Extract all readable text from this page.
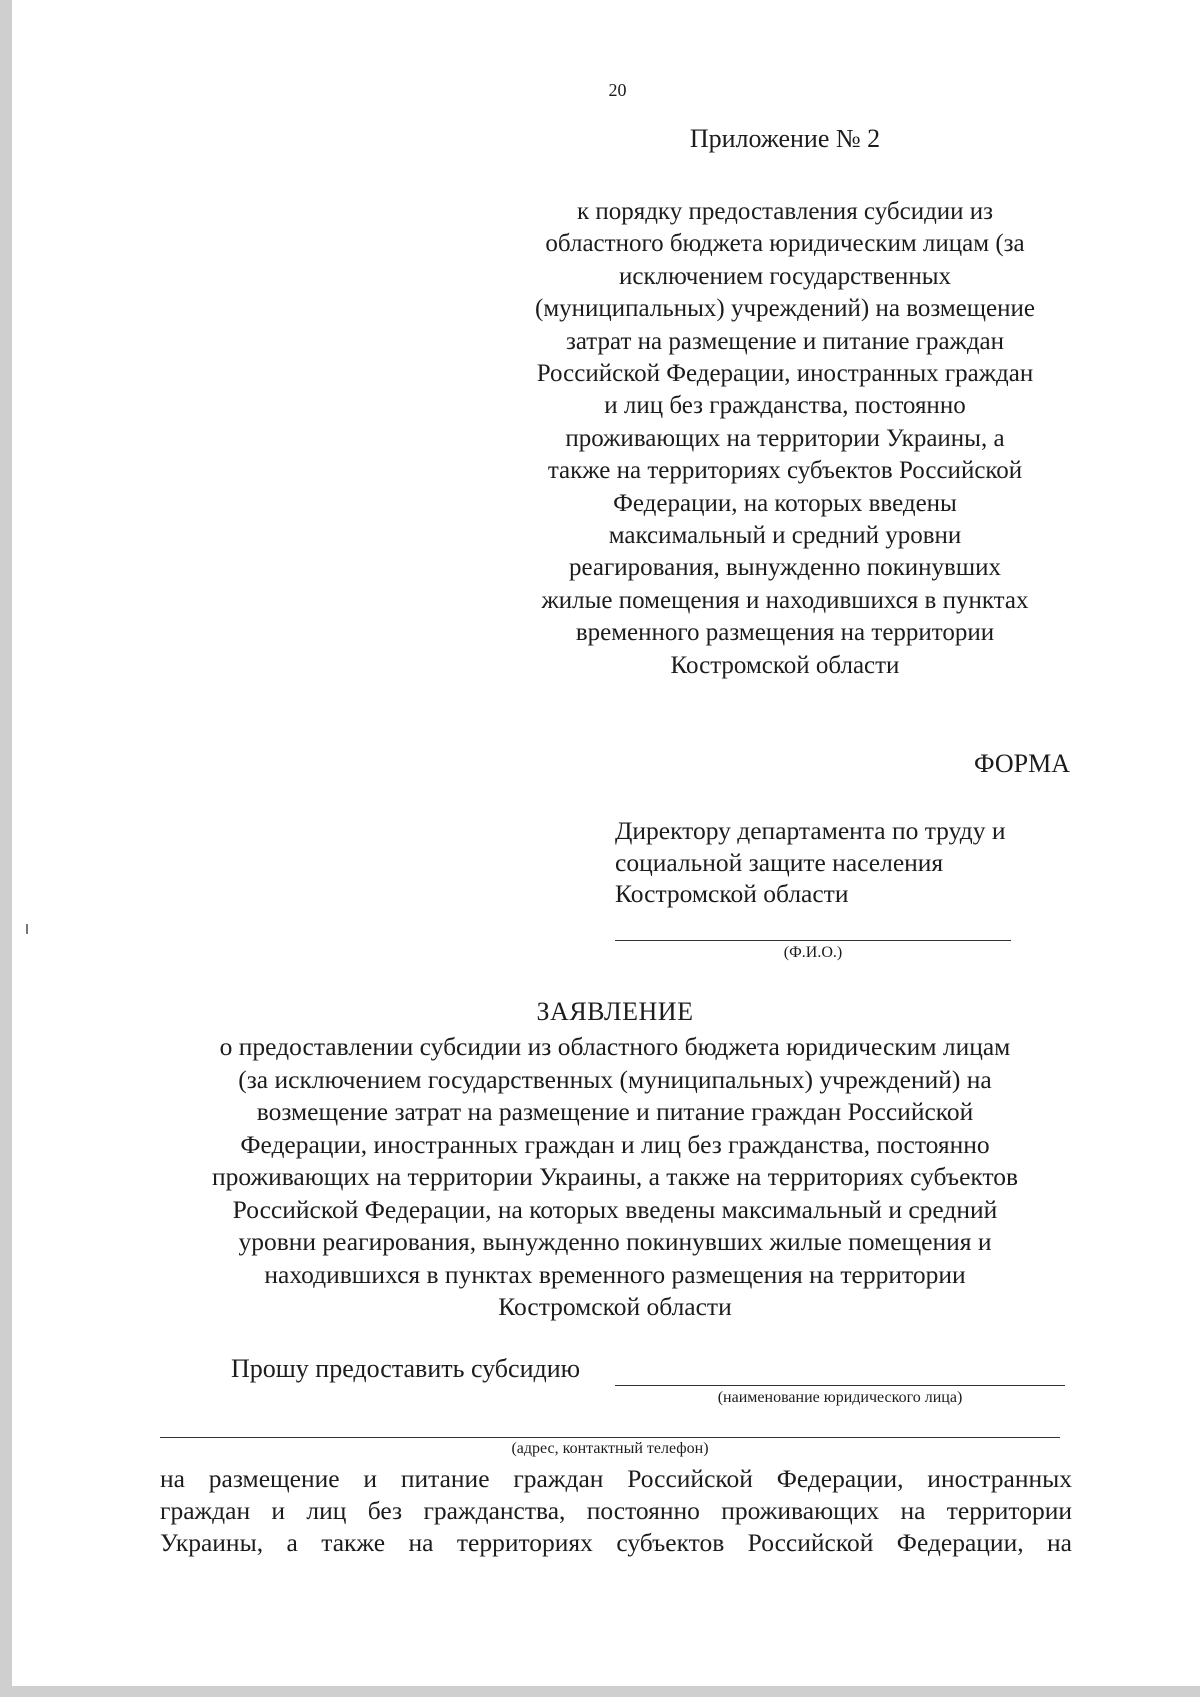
20
Приложение № 2
к порядку предоставления субсидии из
областного бюджета юридическим лицам (за
исключением государственных
(муниципальных) учреждений) на возмещение
затрат на размещение и питание граждан
Российской Федерации, иностранных граждан
и лиц без гражданства, постоянно
проживающих на территории Украины, а
также на территориях субъектов Российской
Федерации, на которых введены
максимальный и средний уровни
реагирования, вынужденно покинувших
жилые помещения и находившихся в пунктах
временного размещения на территории
Костромской области
ФОРМА
Директору департамента по труду и
социальной защите населения
Костромской области
(Ф.И.О.)
ЗАЯВЛЕНИЕ
о предоставлении субсидии из областного бюджета юридическим лицам
(за исключением государственных (муниципальных) учреждений) на
возмещение затрат на размещение и питание граждан Российской
Федерации, иностранных граждан и лиц без гражданства, постоянно
проживающих на территории Украины, а также на территориях субъектов
Российской Федерации, на которых введены максимальный и средний
уровни реагирования, вынужденно покинувших жилые помещения и
находившихся в пунктах временного размещения на территории
Костромской области
Прошу предоставить субсидию
(наименование юридического лица)
(адрес, контактный телефон)
на размещение и питание граждан Российской Федерации, иностранных
граждан и лиц без гражданства, постоянно проживающих на территории
Украины, а также на территориях субъектов Российской Федерации, на
